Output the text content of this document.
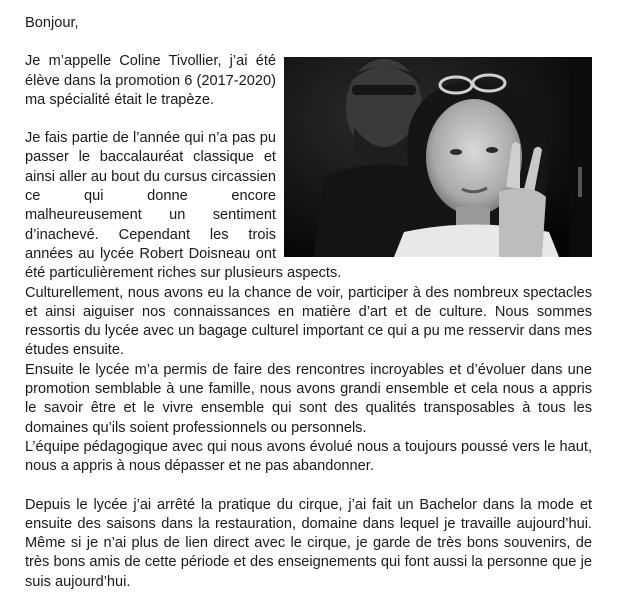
Bonjour,

Je m’appelle Coline Tivollier, j’ai été élève dans la promotion 6 (2017-2020) ma spécialité était le trapèze.

Je fais partie de l’année qui n’a pas pu passer le baccalauréat classique et ainsi aller au bout du cursus circassien ce qui donne encore malheureusement un sentiment d’inachevé. Cependant les trois années au lycée Robert Doisneau ont été particulièrement riches sur plusieurs aspects.

Culturellement, nous avons eu la chance de voir, participer à des nombreux spectacles et ainsi aiguiser nos connaissances en matière d’art et de culture. Nous sommes ressortis du lycée avec un bagage culturel important ce qui a pu me resservir dans mes études ensuite.

Ensuite le lycée m’a permis de faire des rencontres incroyables et d’évoluer dans une promotion semblable à une famille, nous avons grandi ensemble et cela nous a appris le savoir être et le vivre ensemble qui sont des qualités transposables à tous les domaines qu’ils soient professionnels ou personnels.

L’équipe pédagogique avec qui nous avons évolué nous a toujours poussé vers le haut, nous a appris à nous dépasser et ne pas abandonner.

Depuis le lycée j’ai arrêté la pratique du cirque, j’ai fait un Bachelor dans la mode et ensuite des saisons dans la restauration, domaine dans lequel je travaille aujourd’hui. Même si je n’ai plus de lien direct avec le cirque, je garde de très bons souvenirs, de très bons amis de cette période et des enseignements qui font aussi la personne que je suis aujourd’hui.
